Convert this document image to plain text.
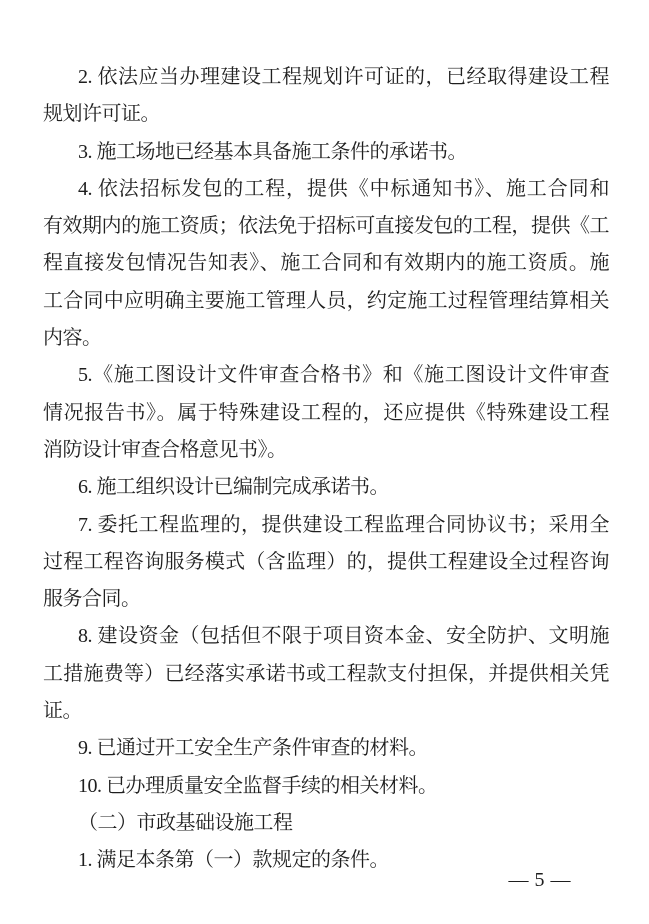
2. 依法应当办理建设工程规划许可证的，已经取得建设工程
规划许可证。
3. 施工场地已经基本具备施工条件的承诺书。
4. 依法招标发包的工程，提供《中标通知书》、施工合同和
有效期内的施工资质；依法免于招标可直接发包的工程，提供《工
程直接发包情况告知表》、施工合同和有效期内的施工资质。施
工合同中应明确主要施工管理人员，约定施工过程管理结算相关
内容。
5.《施工图设计文件审查合格书》和《施工图设计文件审查
情况报告书》。属于特殊建设工程的，还应提供《特殊建设工程
消防设计审查合格意见书》。
6. 施工组织设计已编制完成承诺书。
7. 委托工程监理的，提供建设工程监理合同协议书；采用全
过程工程咨询服务模式（含监理）的，提供工程建设全过程咨询
服务合同。
8. 建设资金（包括但不限于项目资本金、安全防护、文明施
工措施费等）已经落实承诺书或工程款支付担保，并提供相关凭
证。
9. 已通过开工安全生产条件审查的材料。
10. 已办理质量安全监督手续的相关材料。
（二）市政基础设施工程
1. 满足本条第（一）款规定的条件。
— 5 —
